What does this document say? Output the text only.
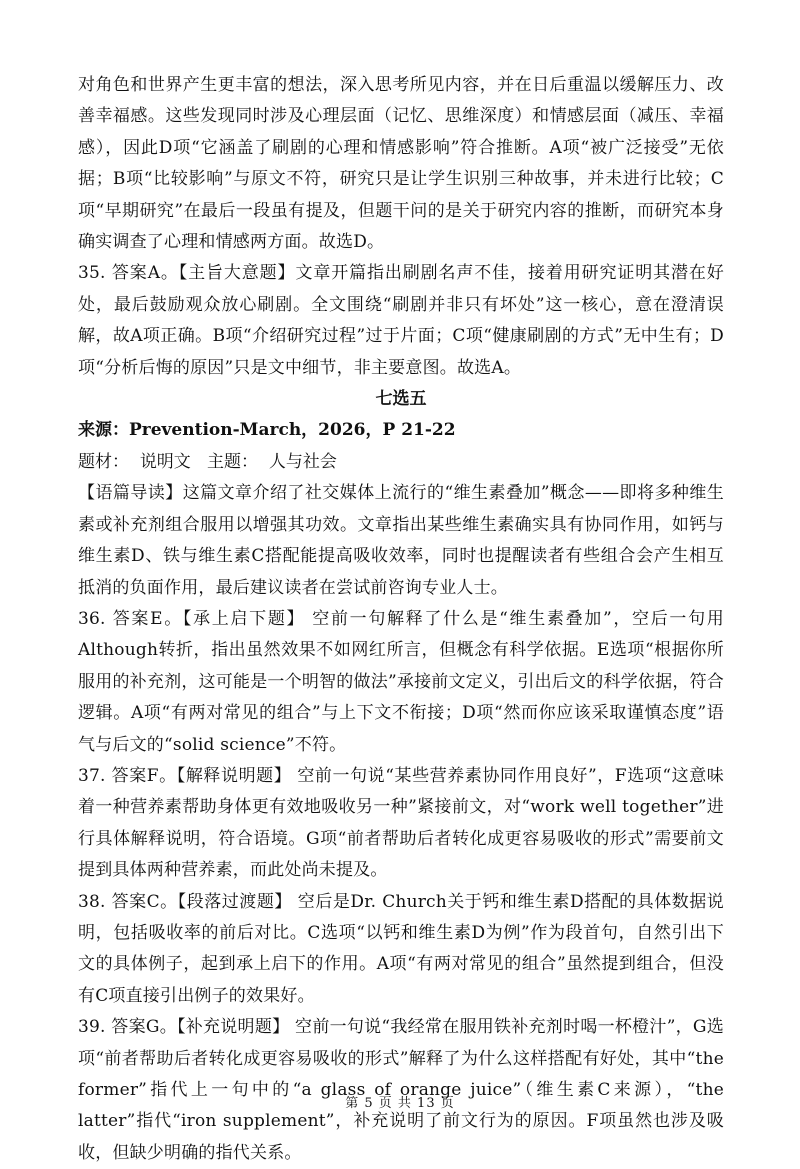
对角色和世界产生更丰富的想法，深入思考所见内容，并在日后重温以缓解压力、改善幸福感。这些发现同时涉及心理层面（记忆、思维深度）和情感层面（减压、幸福感），因此D项“它涵盖了刷剧的心理和情感影响”符合推断。A项“被广泛接受”无依据；B项“比较影响”与原文不符，研究只是让学生识别三种故事，并未进行比较；C项“早期研究”在最后一段虽有提及，但题干问的是关于研究内容的推断，而研究本身确实调查了心理和情感两方面。故选D。

35. 答案A。【主旨大意题】文章开篇指出刷剧名声不佳，接着用研究证明其潜在好处，最后鼓励观众放心刷剧。全文围绕“刷剧并非只有坏处”这一核心，意在澄清误解，故A项正确。B项“介绍研究过程”过于片面；C项“健康刷剧的方式”无中生有；D项“分析后悔的原因”只是文中细节，非主要意图。故选A。

七选五

来源：Prevention-March，2026，P 21-22

题材： 说明文 主题： 人与社会

【语篇导读】这篇文章介绍了社交媒体上流行的“维生素叠加”概念——即将多种维生素或补充剂组合服用以增强其功效。文章指出某些维生素确实具有协同作用，如钙与维生素D、铁与维生素C搭配能提高吸收效率，同时也提醒读者有些组合会产生相互抵消的负面作用，最后建议读者在尝试前咨询专业人士。

36. 答案E。【承上启下题】 空前一句解释了什么是“维生素叠加”，空后一句用Although转折，指出虽然效果不如网红所言，但概念有科学依据。E选项“根据你所服用的补充剂，这可能是一个明智的做法”承接前文定义，引出后文的科学依据，符合逻辑。A项“有两对常见的组合”与上下文不衔接；D项“然而你应该采取谨慎态度”语气与后文的“solid science”不符。

37. 答案F。【解释说明题】 空前一句说“某些营养素协同作用良好”，F选项“这意味着一种营养素帮助身体更有效地吸收另一种”紧接前文，对“work well together”进行具体解释说明，符合语境。G项“前者帮助后者转化成更容易吸收的形式”需要前文提到具体两种营养素，而此处尚未提及。

38. 答案C。【段落过渡题】 空后是Dr. Church关于钙和维生素D搭配的具体数据说明，包括吸收率的前后对比。C选项“以钙和维生素D为例”作为段首句，自然引出下文的具体例子，起到承上启下的作用。A项“有两对常见的组合”虽然提到组合，但没有C项直接引出例子的效果好。

39. 答案G。【补充说明题】 空前一句说“我经常在服用铁补充剂时喝一杯橙汁”，G选项“前者帮助后者转化成更容易吸收的形式”解释了为什么这样搭配有好处，其中“the former”指代上一句中的“a glass of orange juice”（维生素C来源），“the latter”指代“iron supplement”，补充说明了前文行为的原因。F项虽然也涉及吸收，但缺少明确的指代关系。

第 5 页 共 13 页
